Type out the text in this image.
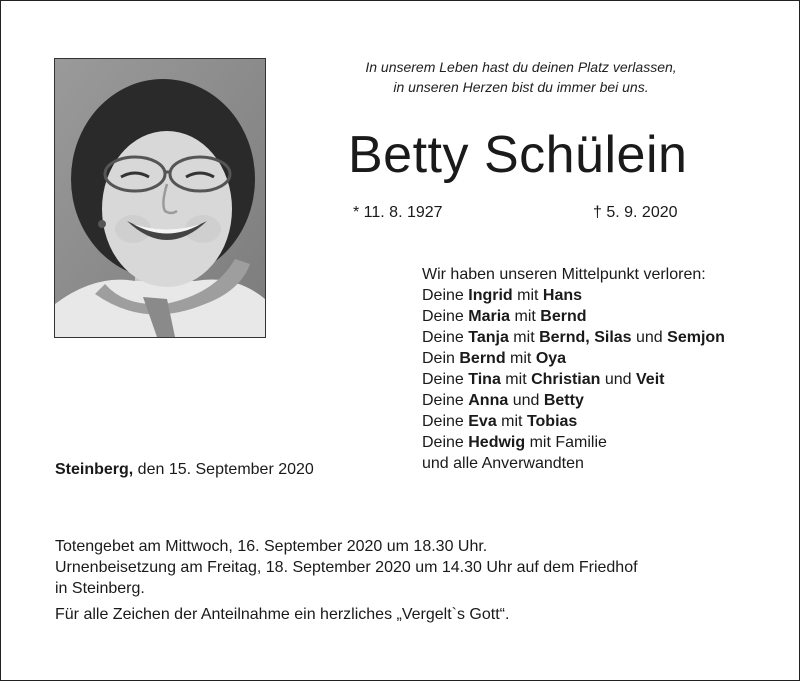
In unserem Leben hast du deinen Platz verlassen,
in unseren Herzen bist du immer bei uns.
Betty Schülein
* 11. 8. 1927	† 5. 9. 2020
Wir haben unseren Mittelpunkt verloren:
Deine Ingrid mit Hans
Deine Maria mit Bernd
Deine Tanja mit Bernd, Silas und Semjon
Dein Bernd mit Oya
Deine Tina mit Christian und Veit
Deine Anna und Betty
Deine Eva mit Tobias
Deine Hedwig mit Familie
und alle Anverwandten
Steinberg, den 15. September 2020
Totengebet am Mittwoch, 16. September 2020 um 18.30 Uhr.
Urnenbeisetzung am Freitag, 18. September 2020 um 14.30 Uhr auf dem Friedhof
in Steinberg.
Für alle Zeichen der Anteilnahme ein herzliches „Vergelt`s Gott“.
